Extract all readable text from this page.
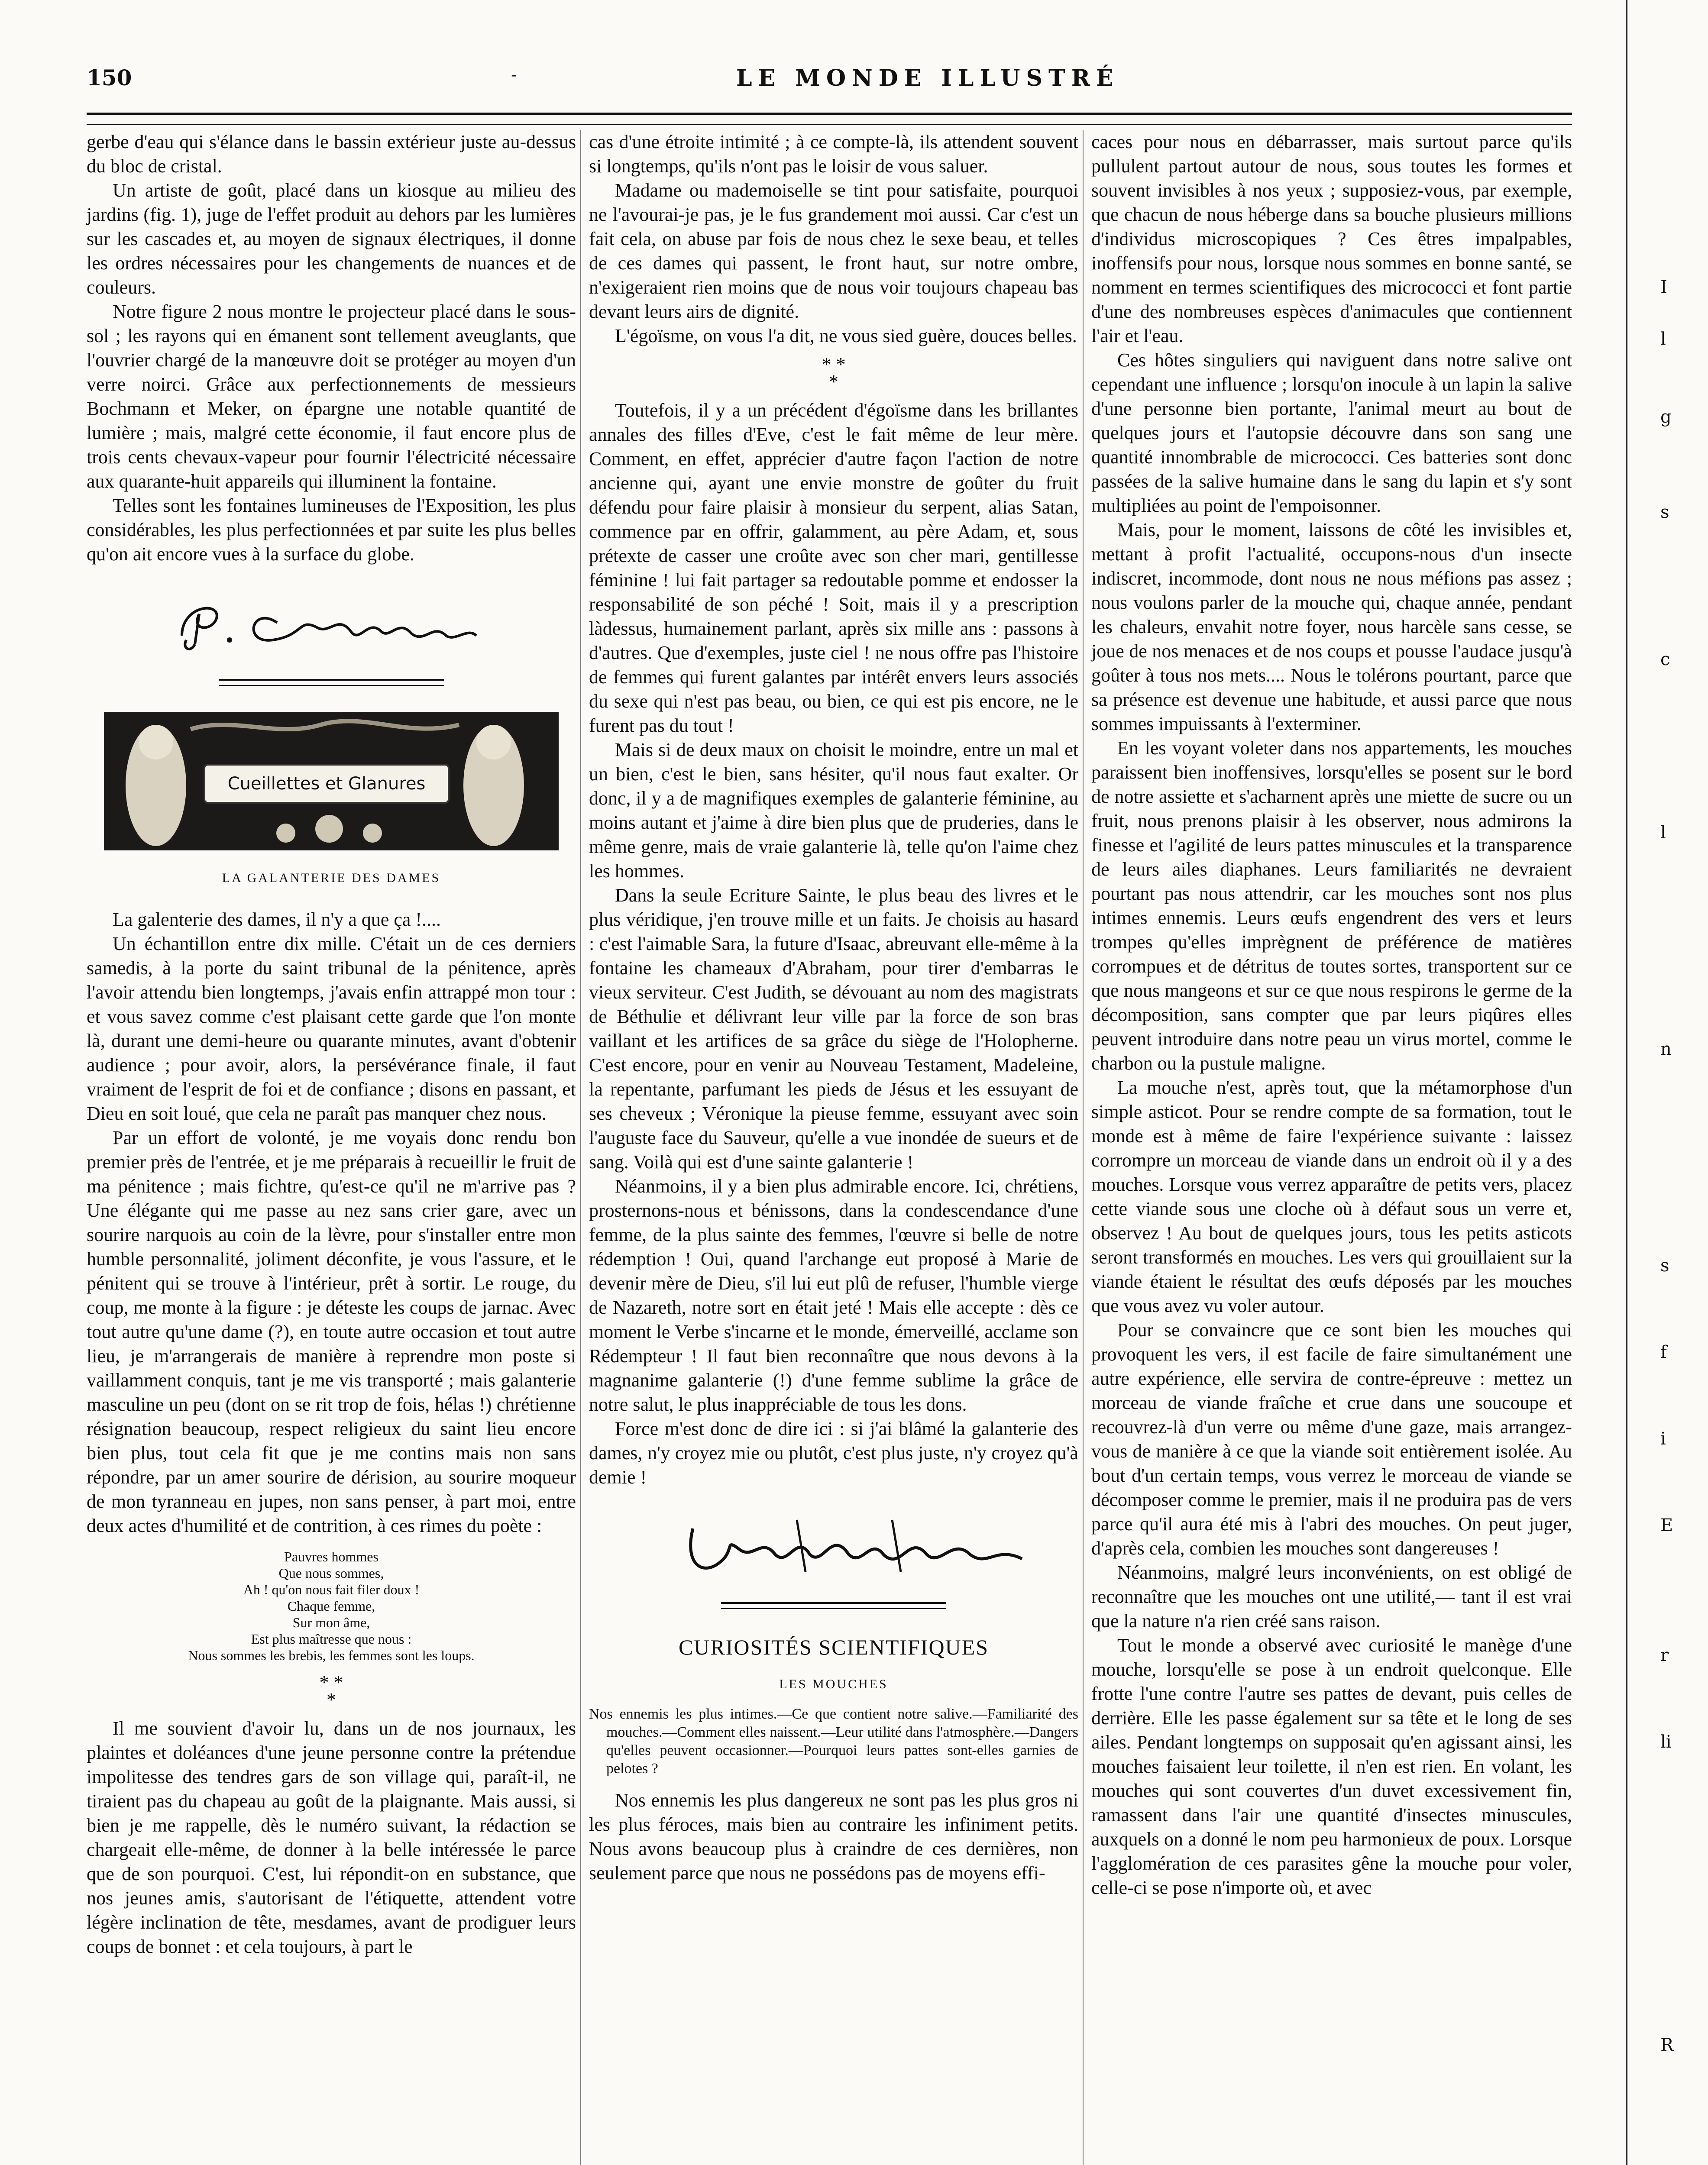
150	-	LE MONDE ILLUSTRÉ

gerbe d'eau qui s'élance dans le bassin extérieur juste au-dessus du bloc de cristal.

Un artiste de goût, placé dans un kiosque au milieu des jardins (fig. 1), juge de l'effet produit au dehors par les lumières sur les cascades et, au moyen de signaux électriques, il donne les ordres nécessaires pour les changements de nuances et de couleurs.

Notre figure 2 nous montre le projecteur placé dans le sous-sol ; les rayons qui en émanent sont tellement aveuglants, que l'ouvrier chargé de la manœuvre doit se protéger au moyen d'un verre noirci. Grâce aux perfectionnements de messieurs Bochmann et Meker, on épargne une notable quantité de lumière ; mais, malgré cette économie, il faut encore plus de trois cents chevaux-vapeur pour fournir l'électricité nécessaire aux quarante-huit appareils qui illuminent la fontaine.

Telles sont les fontaines lumineuses de l'Exposition, les plus considérables, les plus perfectionnées et par suite les plus belles qu'on ait encore vues à la surface du globe.

Cueillettes et Glanures
LA GALANTERIE DES DAMES

La galenterie des dames, il n'y a que ça !....

Un échantillon entre dix mille. C'était un de ces derniers samedis, à la porte du saint tribunal de la pénitence, après l'avoir attendu bien longtemps, j'avais enfin attrappé mon tour : et vous savez comme c'est plaisant cette garde que l'on monte là, durant une demi-heure ou quarante minutes, avant d'obtenir audience ; pour avoir, alors, la persévérance finale, il faut vraiment de l'esprit de foi et de confiance ; disons en passant, et Dieu en soit loué, que cela ne paraît pas manquer chez nous.

Par un effort de volonté, je me voyais donc rendu bon premier près de l'entrée, et je me préparais à recueillir le fruit de ma pénitence ; mais fichtre, qu'est-ce qu'il ne m'arrive pas ? Une élégante qui me passe au nez sans crier gare, avec un sourire narquois au coin de la lèvre, pour s'installer entre mon humble personnalité, joliment déconfite, je vous l'assure, et le pénitent qui se trouve à l'intérieur, prêt à sortir. Le rouge, du coup, me monte à la figure : je déteste les coups de jarnac. Avec tout autre qu'une dame (?), en toute autre occasion et tout autre lieu, je m'arrangerais de manière à reprendre mon poste si vaillamment conquis, tant je me vis transporté ; mais galanterie masculine un peu (dont on se rit trop de fois, hélas !) chrétienne résignation beaucoup, respect religieux du saint lieu encore bien plus, tout cela fit que je me contins mais non sans répondre, par un amer sourire de dérision, au sourire moqueur de mon tyranneau en jupes, non sans penser, à part moi, entre deux actes d'humilité et de contrition, à ces rimes du poète :

Pauvres hommes
Que nous sommes,
Ah ! qu'on nous fait filer doux !
Chaque femme,
Sur mon âme,
Est plus maîtresse que nous :
Nous sommes les brebis, les femmes sont les loups.
* *
*

Il me souvient d'avoir lu, dans un de nos journaux, les plaintes et doléances d'une jeune personne contre la prétendue impolitesse des tendres gars de son village qui, paraît-il, ne tiraient pas du chapeau au goût de la plaignante. Mais aussi, si bien je me rappelle, dès le numéro suivant, la rédaction se chargeait elle-même, de donner à la belle intéressée le parce que de son pourquoi. C'est, lui répondit-on en substance, que nos jeunes amis, s'autorisant de l'étiquette, attendent votre légère inclination de tête, mesdames, avant de prodiguer leurs coups de bonnet : et cela toujours, à part le

cas d'une étroite intimité ; à ce compte-là, ils attendent souvent si longtemps, qu'ils n'ont pas le loisir de vous saluer.

Madame ou mademoiselle se tint pour satisfaite, pourquoi ne l'avourai-je pas, je le fus grandement moi aussi. Car c'est un fait cela, on abuse par fois de nous chez le sexe beau, et telles de ces dames qui passent, le front haut, sur notre ombre, n'exigeraient rien moins que de nous voir toujours chapeau bas devant leurs airs de dignité.

L'égoïsme, on vous l'a dit, ne vous sied guère, douces belles.

* *
*

Toutefois, il y a un précédent d'égoïsme dans les brillantes annales des filles d'Eve, c'est le fait même de leur mère. Comment, en effet, apprécier d'autre façon l'action de notre ancienne qui, ayant une envie monstre de goûter du fruit défendu pour faire plaisir à monsieur du serpent, alias Satan, commence par en offrir, galamment, au père Adam, et, sous prétexte de casser une croûte avec son cher mari, gentillesse féminine ! lui fait partager sa redoutable pomme et endosser la responsabilité de son péché ! Soit, mais il y a prescription làdessus, humainement parlant, après six mille ans : passons à d'autres. Que d'exemples, juste ciel ! ne nous offre pas l'histoire de femmes qui furent galantes par intérêt envers leurs associés du sexe qui n'est pas beau, ou bien, ce qui est pis encore, ne le furent pas du tout !

Mais si de deux maux on choisit le moindre, entre un mal et un bien, c'est le bien, sans hésiter, qu'il nous faut exalter. Or donc, il y a de magnifiques exemples de galanterie féminine, au moins autant et j'aime à dire bien plus que de pruderies, dans le même genre, mais de vraie galanterie là, telle qu'on l'aime chez les hommes.

Dans la seule Ecriture Sainte, le plus beau des livres et le plus véridique, j'en trouve mille et un faits. Je choisis au hasard : c'est l'aimable Sara, la future d'Isaac, abreuvant elle-même à la fontaine les chameaux d'Abraham, pour tirer d'embarras le vieux serviteur. C'est Judith, se dévouant au nom des magistrats de Béthulie et délivrant leur ville par la force de son bras vaillant et les artifices de sa grâce du siège de l'Holopherne. C'est encore, pour en venir au Nouveau Testament, Madeleine, la repentante, parfumant les pieds de Jésus et les essuyant de ses cheveux ; Véronique la pieuse femme, essuyant avec soin l'auguste face du Sauveur, qu'elle a vue inondée de sueurs et de sang. Voilà qui est d'une sainte galanterie !

Néanmoins, il y a bien plus admirable encore. Ici, chrétiens, prosternons-nous et bénissons, dans la condescendance d'une femme, de la plus sainte des femmes, l'œuvre si belle de notre rédemption ! Oui, quand l'archange eut proposé à Marie de devenir mère de Dieu, s'il lui eut plû de refuser, l'humble vierge de Nazareth, notre sort en était jeté ! Mais elle accepte : dès ce moment le Verbe s'incarne et le monde, émerveillé, acclame son Rédempteur ! Il faut bien reconnaître que nous devons à la magnanime galanterie (!) d'une femme sublime la grâce de notre salut, le plus inappréciable de tous les dons.

Force m'est donc de dire ici : si j'ai blâmé la galanterie des dames, n'y croyez mie ou plutôt, c'est plus juste, n'y croyez qu'à demie !

CURIOSITÉS SCIENTIFIQUES
LES MOUCHES
Nos ennemis les plus intimes.—Ce que contient notre salive.—Familiarité des mouches.—Comment elles naissent.—Leur utilité dans l'atmosphère.—Dangers qu'elles peuvent occasionner.—Pourquoi leurs pattes sont-elles garnies de pelotes ?

Nos ennemis les plus dangereux ne sont pas les plus gros ni les plus féroces, mais bien au contraire les infiniment petits. Nous avons beaucoup plus à craindre de ces dernières, non seulement parce que nous ne possédons pas de moyens effi-

caces pour nous en débarrasser, mais surtout parce qu'ils pullulent partout autour de nous, sous toutes les formes et souvent invisibles à nos yeux ; supposiez-vous, par exemple, que chacun de nous héberge dans sa bouche plusieurs millions d'individus microscopiques ? Ces êtres impalpables, inoffensifs pour nous, lorsque nous sommes en bonne santé, se nomment en termes scientifiques des micrococci et font partie d'une des nombreuses espèces d'animacules que contiennent l'air et l'eau.

Ces hôtes singuliers qui naviguent dans notre salive ont cependant une influence ; lorsqu'on inocule à un lapin la salive d'une personne bien portante, l'animal meurt au bout de quelques jours et l'autopsie découvre dans son sang une quantité innombrable de micrococci. Ces batteries sont donc passées de la salive humaine dans le sang du lapin et s'y sont multipliées au point de l'empoisonner.

Mais, pour le moment, laissons de côté les invisibles et, mettant à profit l'actualité, occupons-nous d'un insecte indiscret, incommode, dont nous ne nous méfions pas assez ; nous voulons parler de la mouche qui, chaque année, pendant les chaleurs, envahit notre foyer, nous harcèle sans cesse, se joue de nos menaces et de nos coups et pousse l'audace jusqu'à goûter à tous nos mets.... Nous le tolérons pourtant, parce que sa présence est devenue une habitude, et aussi parce que nous sommes impuissants à l'exterminer.

En les voyant voleter dans nos appartements, les mouches paraissent bien inoffensives, lorsqu'elles se posent sur le bord de notre assiette et s'acharnent après une miette de sucre ou un fruit, nous prenons plaisir à les observer, nous admirons la finesse et l'agilité de leurs pattes minuscules et la transparence de leurs ailes diaphanes. Leurs familiarités ne devraient pourtant pas nous attendrir, car les mouches sont nos plus intimes ennemis. Leurs œufs engendrent des vers et leurs trompes qu'elles imprègnent de préférence de matières corrompues et de détritus de toutes sortes, transportent sur ce que nous mangeons et sur ce que nous respirons le germe de la décomposition, sans compter que par leurs piqûres elles peuvent introduire dans notre peau un virus mortel, comme le charbon ou la pustule maligne.

La mouche n'est, après tout, que la métamorphose d'un simple asticot. Pour se rendre compte de sa formation, tout le monde est à même de faire l'expérience suivante : laissez corrompre un morceau de viande dans un endroit où il y a des mouches. Lorsque vous verrez apparaître de petits vers, placez cette viande sous une cloche où à défaut sous un verre et, observez ! Au bout de quelques jours, tous les petits asticots seront transformés en mouches. Les vers qui grouillaient sur la viande étaient le résultat des œufs déposés par les mouches que vous avez vu voler autour.

Pour se convaincre que ce sont bien les mouches qui provoquent les vers, il est facile de faire simultanément une autre expérience, elle servira de contre-épreuve : mettez un morceau de viande fraîche et crue dans une soucoupe et recouvrez-là d'un verre ou même d'une gaze, mais arrangez-vous de manière à ce que la viande soit entièrement isolée. Au bout d'un certain temps, vous verrez le morceau de viande se décomposer comme le premier, mais il ne produira pas de vers parce qu'il aura été mis à l'abri des mouches. On peut juger, d'après cela, combien les mouches sont dangereuses !

Néanmoins, malgré leurs inconvénients, on est obligé de reconnaître que les mouches ont une utilité,— tant il est vrai que la nature n'a rien créé sans raison.

Tout le monde a observé avec curiosité le manège d'une mouche, lorsqu'elle se pose à un endroit quelconque. Elle frotte l'une contre l'autre ses pattes de devant, puis celles de derrière. Elle les passe également sur sa tête et le long de ses ailes. Pendant longtemps on supposait qu'en agissant ainsi, les mouches faisaient leur toilette, il n'en est rien. En volant, les mouches qui sont couvertes d'un duvet excessivement fin, ramassent dans l'air une quantité d'insectes minuscules, auxquels on a donné le nom peu harmonieux de poux. Lorsque l'agglomération de ces parasites gêne la mouche pour voler, celle-ci se pose n'importe où, et avec

I
l
g
s
c
l
n
s
f
i
E
r
li
R
